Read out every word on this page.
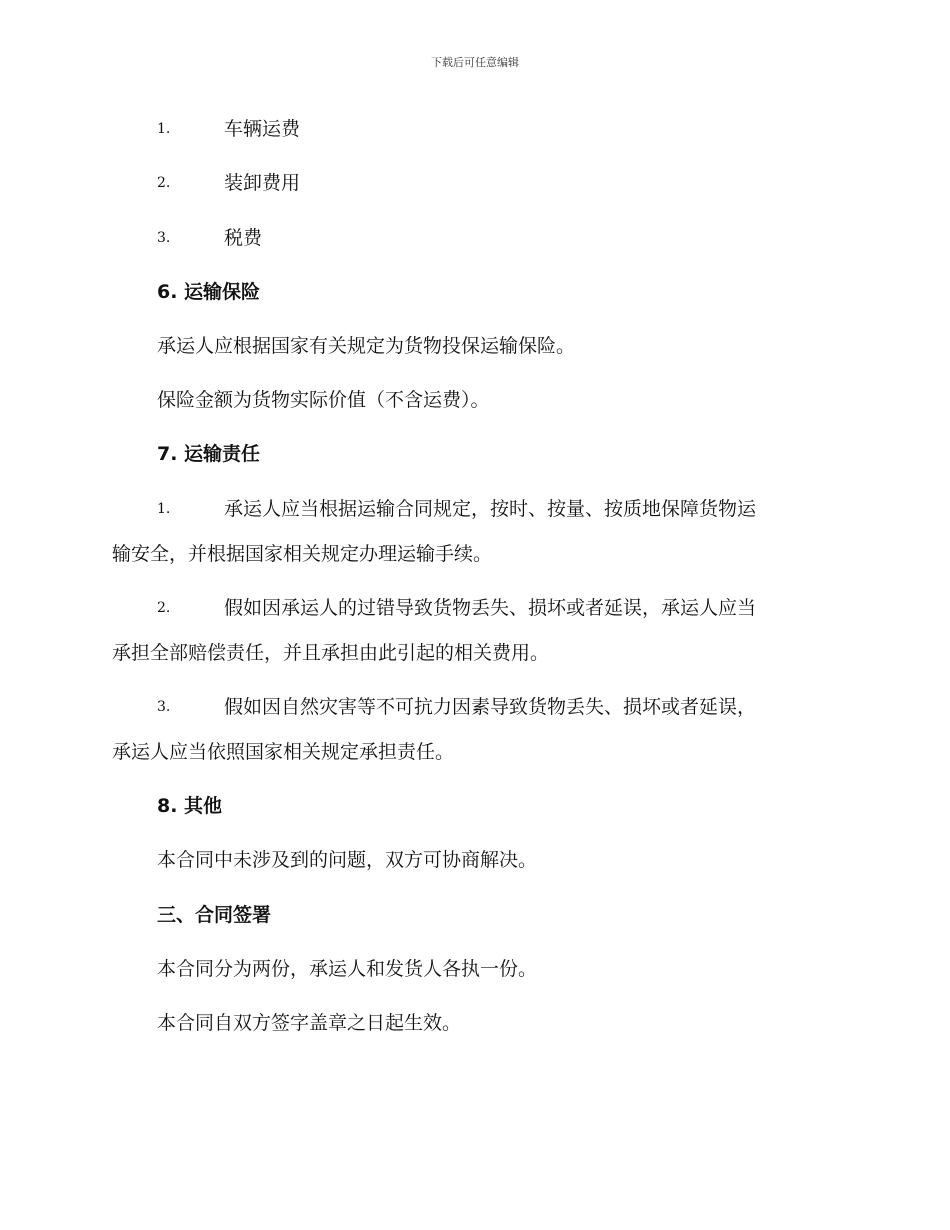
下载后可任意编辑
1.	车辆运费
2.	装卸费用
3.	税费
6. 运输保险
承运人应根据国家有关规定为货物投保运输保险。
保险金额为货物实际价值（不含运费）。
7. 运输责任
1.	承运人应当根据运输合同规定，按时、按量、按质地保障货物运
输安全，并根据国家相关规定办理运输手续。
2.	假如因承运人的过错导致货物丢失、损坏或者延误，承运人应当
承担全部赔偿责任，并且承担由此引起的相关费用。
3.	假如因自然灾害等不可抗力因素导致货物丢失、损坏或者延误，
承运人应当依照国家相关规定承担责任。
8. 其他
本合同中未涉及到的问题，双方可协商解决。
三、合同签署
本合同分为两份，承运人和发货人各执一份。
本合同自双方签字盖章之日起生效。
